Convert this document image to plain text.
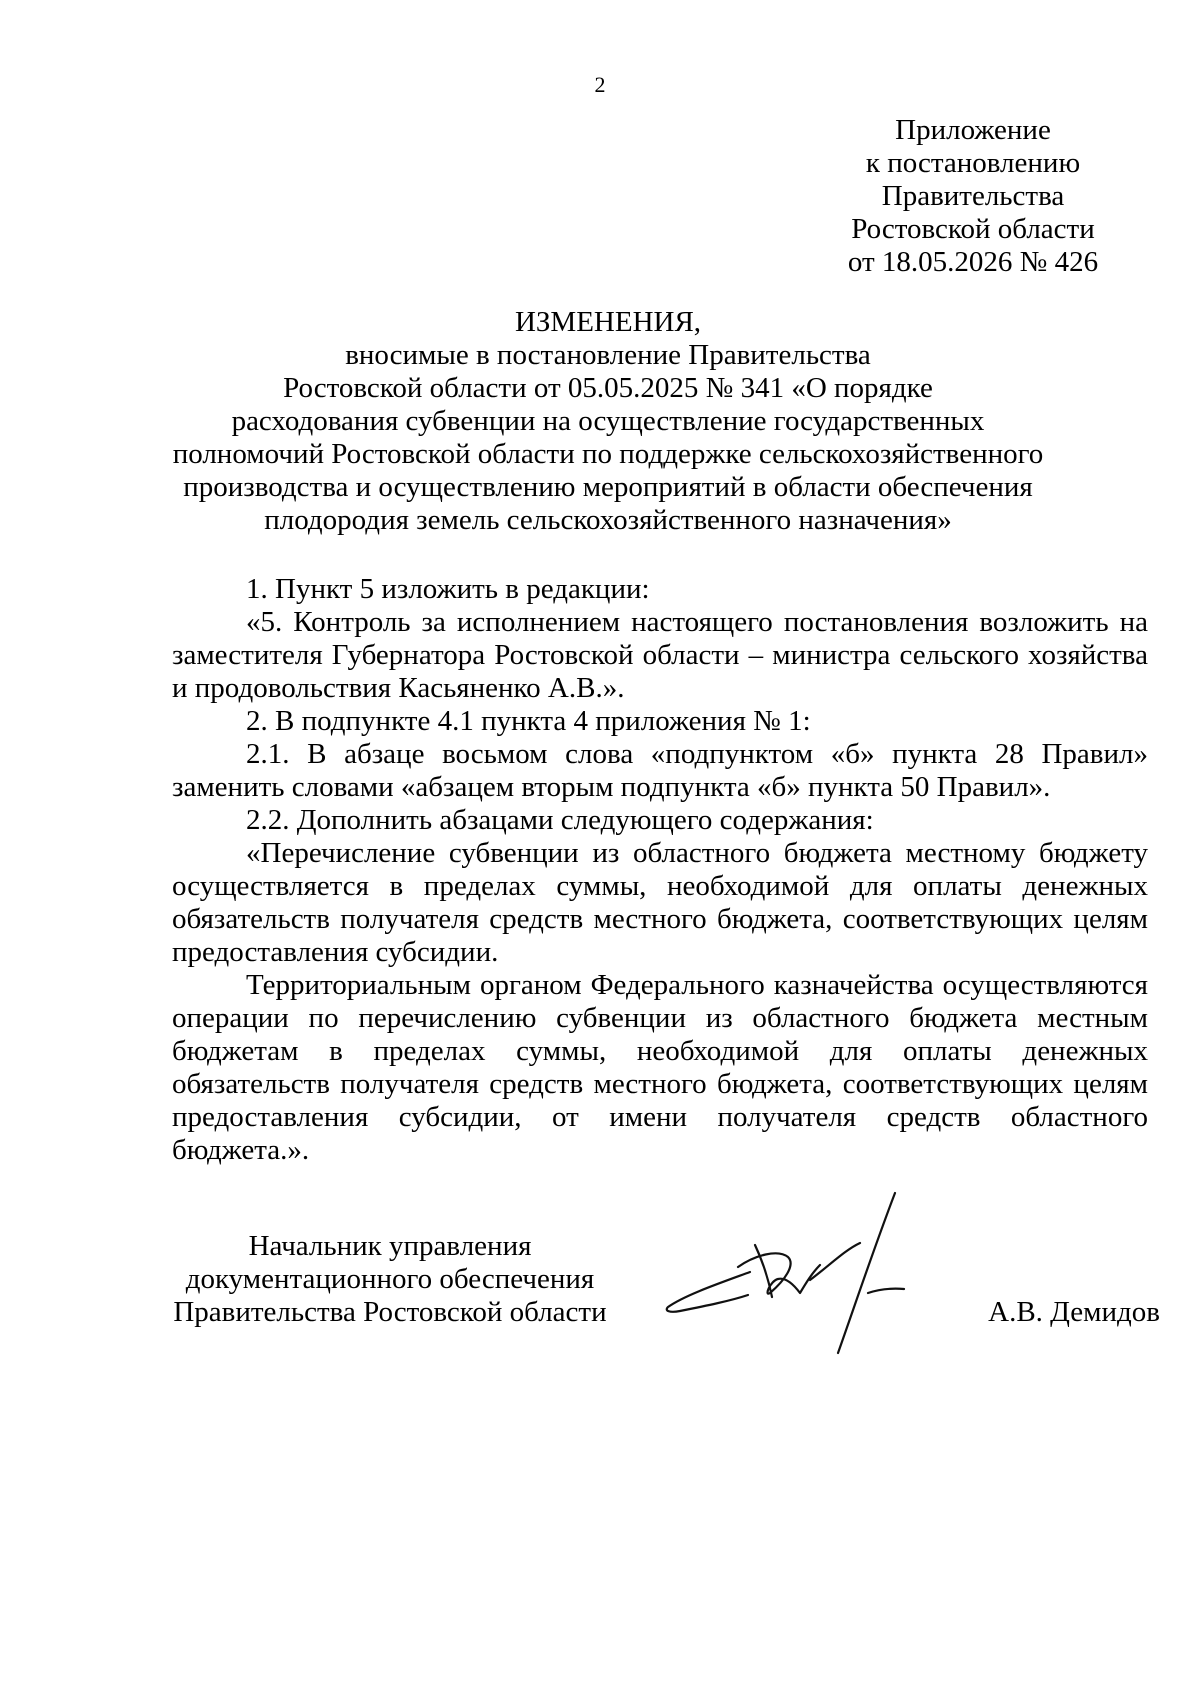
2
Приложение
к постановлению
Правительства
Ростовской области
от 18.05.2026 № 426
ИЗМЕНЕНИЯ,
вносимые в постановление Правительства
Ростовской области от 05.05.2025 № 341 «О порядке
расходования субвенции на осуществление государственных
полномочий Ростовской области по поддержке сельскохозяйственного
производства и осуществлению мероприятий в области обеспечения
плодородия земель сельскохозяйственного назначения»

1. Пункт 5 изложить в редакции:

«5. Контроль за исполнением настоящего постановления возложить на заместителя Губернатора Ростовской области – министра сельского хозяйства и продовольствия Касьяненко А.В.».

2. В подпункте 4.1 пункта 4 приложения № 1:

2.1. В абзаце восьмом слова «подпунктом «б» пункта 28 Правил» заменить словами «абзацем вторым подпункта «б» пункта 50 Правил».

2.2. Дополнить абзацами следующего содержания:

«Перечисление субвенции из областного бюджета местному бюджету осуществляется в пределах суммы, необходимой для оплаты денежных обязательств получателя средств местного бюджета, соответствующих целям предоставления субсидии.

Территориальным органом Федерального казначейства осуществляются операции по перечислению субвенции из областного бюджета местным бюджетам в пределах суммы, необходимой для оплаты денежных обязательств получателя средств местного бюджета, соответствующих целям предоставления субсидии, от имени получателя средств областного бюджета.».

Начальник управления
документационного обеспечения
Правительства Ростовской области	А.В. Демидов
